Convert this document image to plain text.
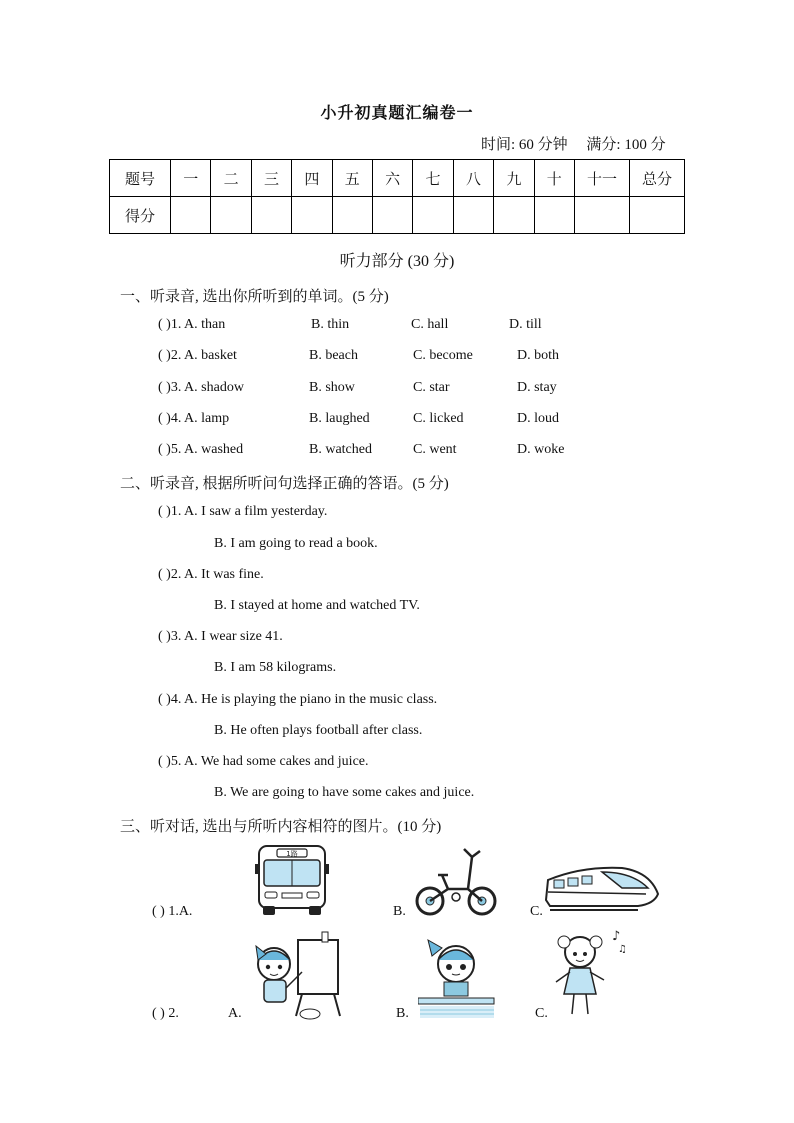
小升初真题汇编卷一
时间: 60 分钟 满分: 100 分
题号	一	二	三	四	五	六	七	八	九	十	十一	总分
得分												
听力部分 (30 分)
一、听录音, 选出你所听到的单词。(5 分)
( )1. A. than	B. thin	C. hall	D. till
( )2. A. basket	B. beach	C. become	D. both
( )3. A. shadow	B. show	C. star	D. stay
( )4. A. lamp	B. laughed	C. licked	D. loud
( )5. A. washed	B. watched	C. went	D. woke
二、听录音, 根据所听问句选择正确的答语。(5 分)
( )1. A. I saw a film yesterday.
B. I am going to read a book.
( )2. A. It was fine.
B. I stayed at home and watched TV.
( )3. A. I wear size 41.
B. I am 58 kilograms.
( )4. A. He is playing the piano in the music class.
B. He often plays football after class.
( )5. A. We had some cakes and juice.
B. We are going to have some cakes and juice.
三、听对话, 选出与所听内容相符的图片。(10 分)
( ) 1.A.
1路
B.	C.
( ) 2.	A.	B.	C.
♪
♫
